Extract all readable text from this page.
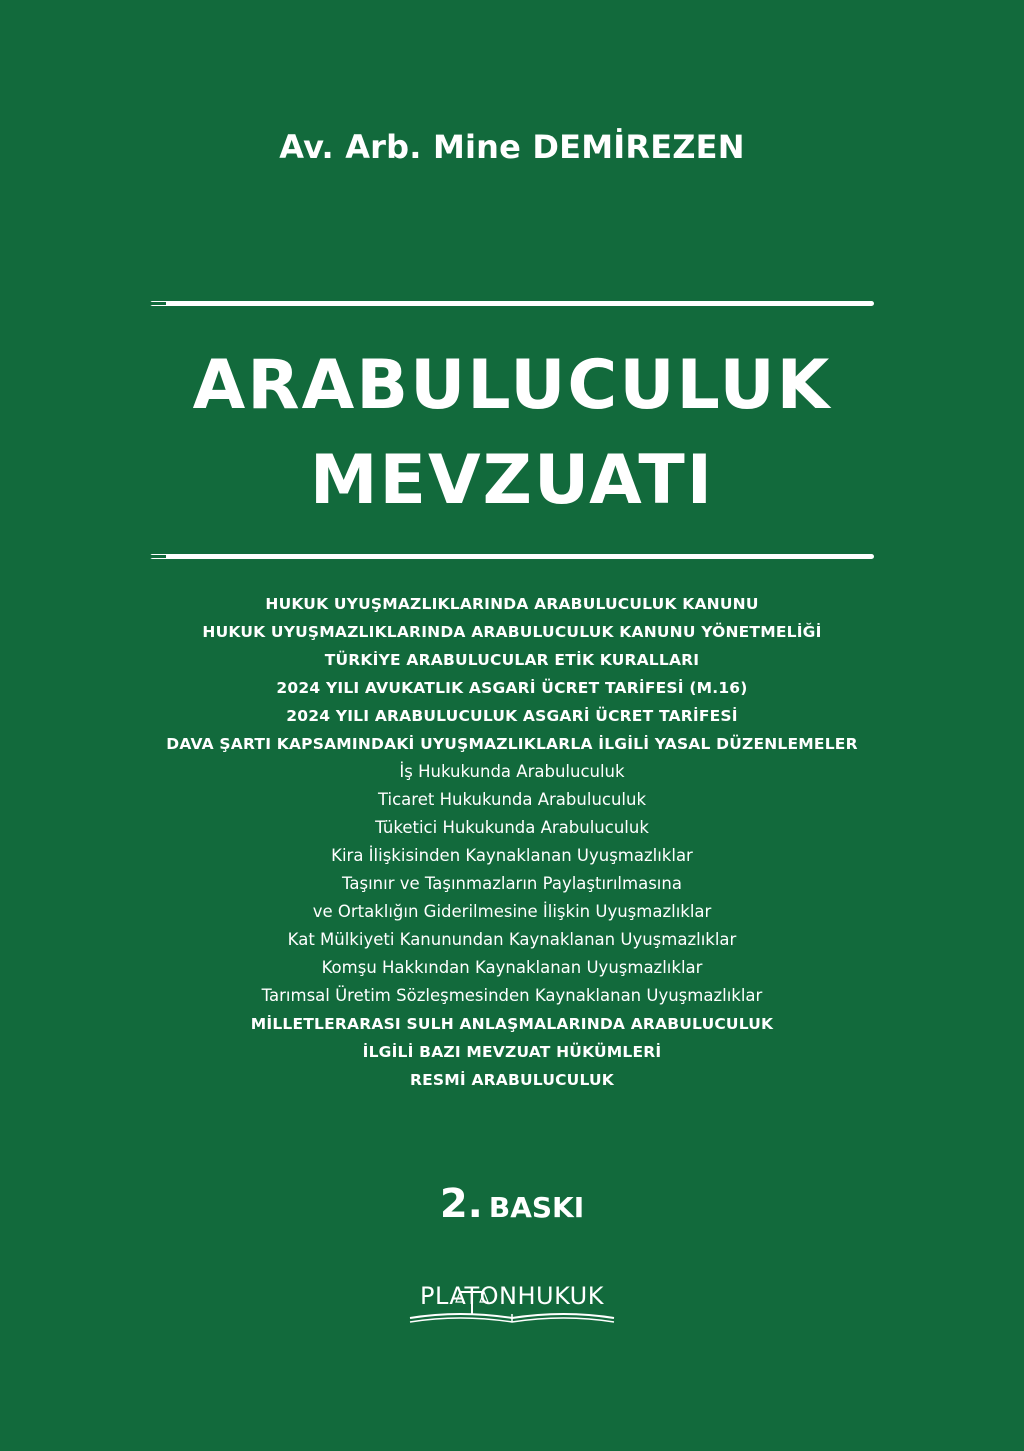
Av. Arb. Mine DEMİREZEN
ARABULUCULUK
MEVZUATI
HUKUK UYUŞMAZLIKLARINDA ARABULUCULUK KANUNU
HUKUK UYUŞMAZLIKLARINDA ARABULUCULUK KANUNU YÖNETMELİĞİ
TÜRKİYE ARABULUCULAR ETİK KURALLARI
2024 YILI AVUKATLIK ASGARİ ÜCRET TARİFESİ (M.16)
2024 YILI ARABULUCULUK ASGARİ ÜCRET TARİFESİ
DAVA ŞARTI KAPSAMINDAKİ UYUŞMAZLIKLARLA İLGİLİ YASAL DÜZENLEMELER
İş Hukukunda Arabuluculuk
Ticaret Hukukunda Arabuluculuk
Tüketici Hukukunda Arabuluculuk
Kira İlişkisinden Kaynaklanan Uyuşmazlıklar
Taşınır ve Taşınmazların Paylaştırılmasına
ve Ortaklığın Giderilmesine İlişkin Uyuşmazlıklar
Kat Mülkiyeti Kanunundan Kaynaklanan Uyuşmazlıklar
Komşu Hakkından Kaynaklanan Uyuşmazlıklar
Tarımsal Üretim Sözleşmesinden Kaynaklanan Uyuşmazlıklar
MİLLETLERARASI SULH ANLAŞMALARINDA ARABULUCULUK
İLGİLİ BAZI MEVZUAT HÜKÜMLERİ
RESMİ ARABULUCULUK
2. BASKI
PLATONHUKUK
